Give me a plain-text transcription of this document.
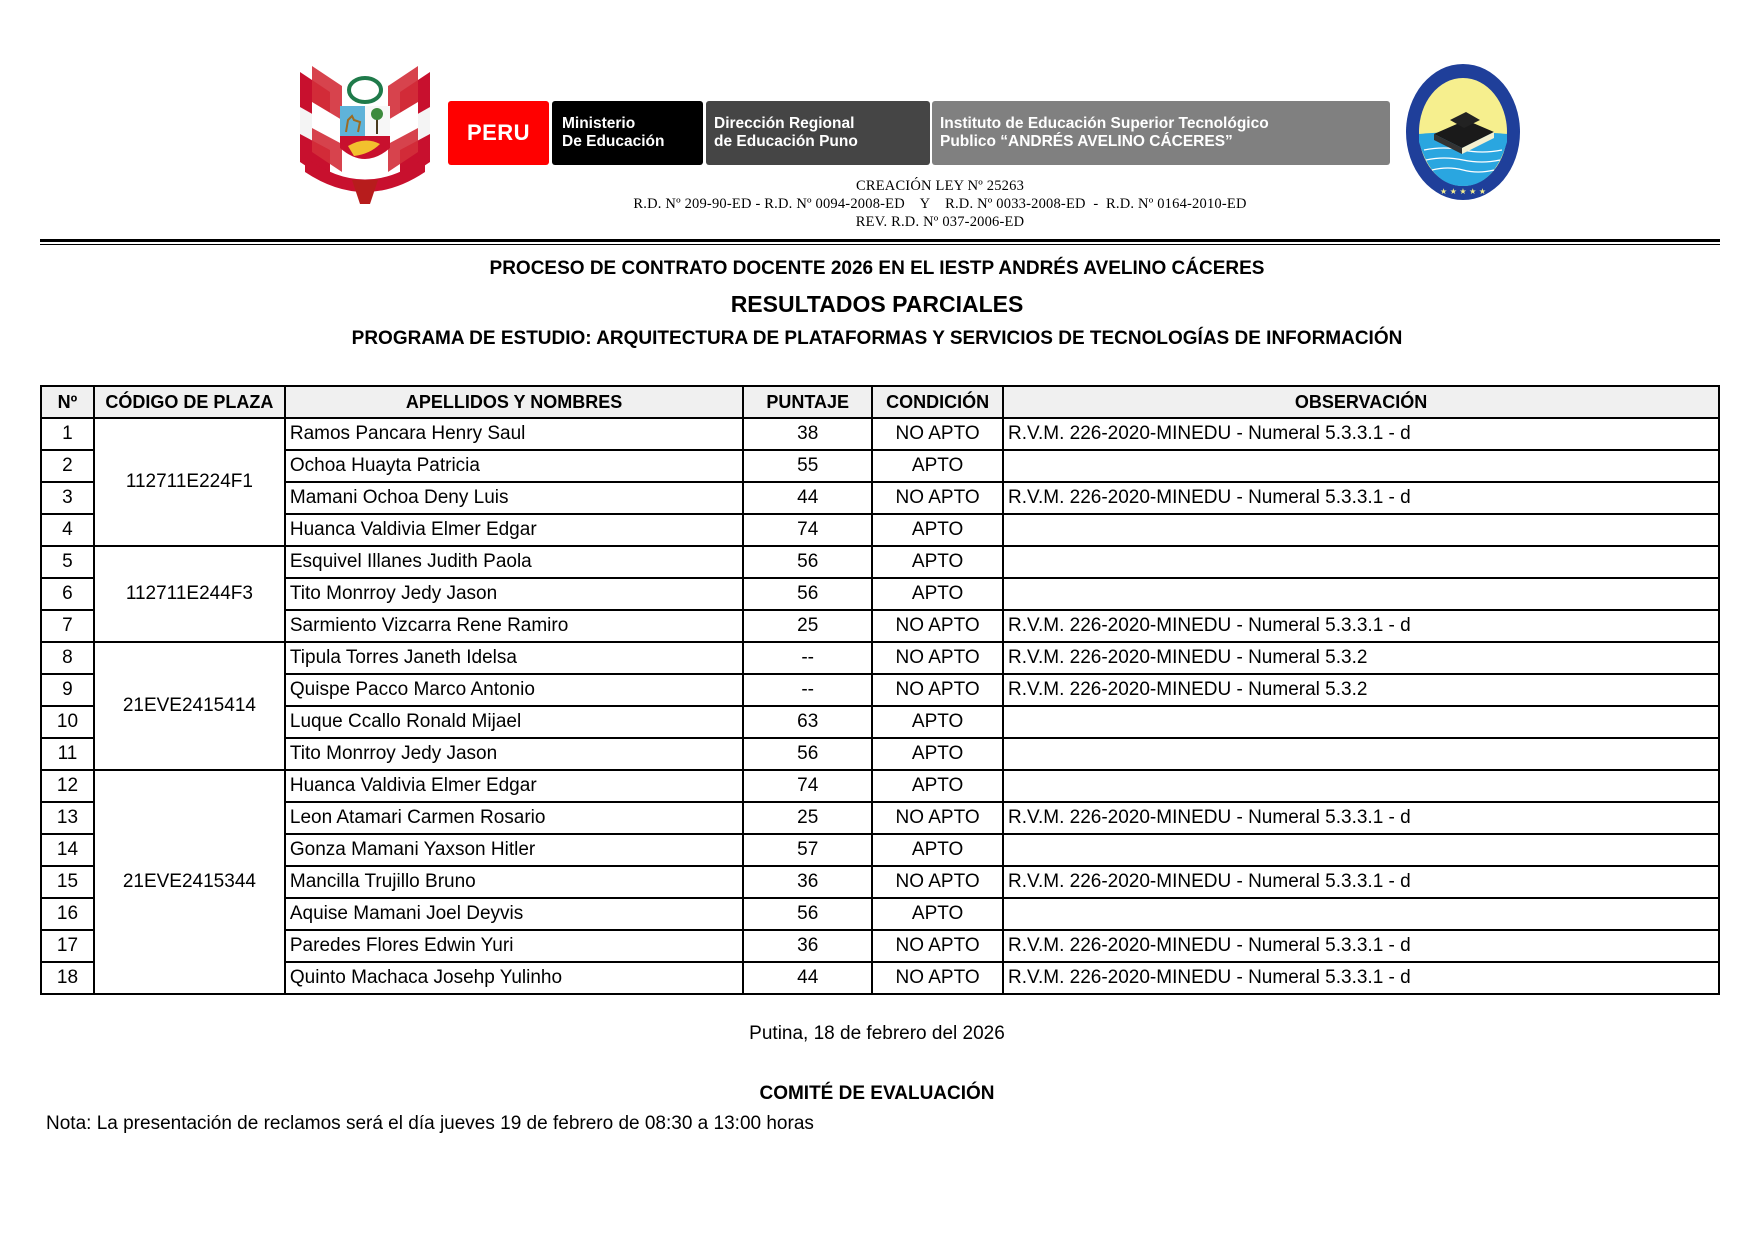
PERU Ministerio
De Educación
Dirección Regional
de Educación Puno
Instituto de Educación Superior Tecnológico
Publico “ANDRÉS AVELINO CÁCERES”
★ ★ ★ ★ ★
CREACIÓN LEY Nº 25263
R.D. Nº 209-90-ED - R.D. Nº 0094-2008-ED    Y    R.D. Nº 0033-2008-ED  -  R.D. Nº 0164-2010-ED
REV. R.D. Nº 037-2006-ED
PROCESO DE CONTRATO DOCENTE 2026 EN EL IESTP ANDRÉS AVELINO CÁCERES
RESULTADOS PARCIALES
PROGRAMA DE ESTUDIO: ARQUITECTURA DE PLATAFORMAS Y SERVICIOS DE TECNOLOGÍAS DE INFORMACIÓN
Nº	CÓDIGO DE PLAZA	APELLIDOS Y NOMBRES	PUNTAJE	CONDICIÓN	OBSERVACIÓN
1	112711E224F1	Ramos Pancara Henry Saul	38	NO APTO	R.V.M. 226-2020-MINEDU - Numeral 5.3.3.1 - d
2		Ochoa Huayta Patricia	55	APTO	
3		Mamani Ochoa Deny Luis	44	NO APTO	R.V.M. 226-2020-MINEDU - Numeral 5.3.3.1 - d
4		Huanca Valdivia Elmer Edgar	74	APTO	
5	112711E244F3	Esquivel Illanes Judith Paola	56	APTO	
6		Tito Monrroy Jedy Jason	56	APTO	
7		Sarmiento Vizcarra Rene Ramiro	25	NO APTO	R.V.M. 226-2020-MINEDU - Numeral 5.3.3.1 - d
8	21EVE2415414	Tipula Torres Janeth Idelsa	--	NO APTO	R.V.M. 226-2020-MINEDU - Numeral 5.3.2
9		Quispe Pacco Marco Antonio	--	NO APTO	R.V.M. 226-2020-MINEDU - Numeral 5.3.2
10		Luque Ccallo Ronald Mijael	63	APTO	
11		Tito Monrroy Jedy Jason	56	APTO	
12	21EVE2415344	Huanca Valdivia Elmer Edgar	74	APTO	
13		Leon Atamari Carmen Rosario	25	NO APTO	R.V.M. 226-2020-MINEDU - Numeral 5.3.3.1 - d
14		Gonza Mamani Yaxson Hitler	57	APTO	
15		Mancilla Trujillo Bruno	36	NO APTO	R.V.M. 226-2020-MINEDU - Numeral 5.3.3.1 - d
16		Aquise Mamani Joel Deyvis	56	APTO	
17		Paredes Flores Edwin Yuri	36	NO APTO	R.V.M. 226-2020-MINEDU - Numeral 5.3.3.1 - d
18		Quinto Machaca Josehp Yulinho	44	NO APTO	R.V.M. 226-2020-MINEDU - Numeral 5.3.3.1 - d
Putina, 18 de febrero del 2026
COMITÉ DE EVALUACIÓN
Nota: La presentación de reclamos será el día jueves 19 de febrero de 08:30 a 13:00 horas
